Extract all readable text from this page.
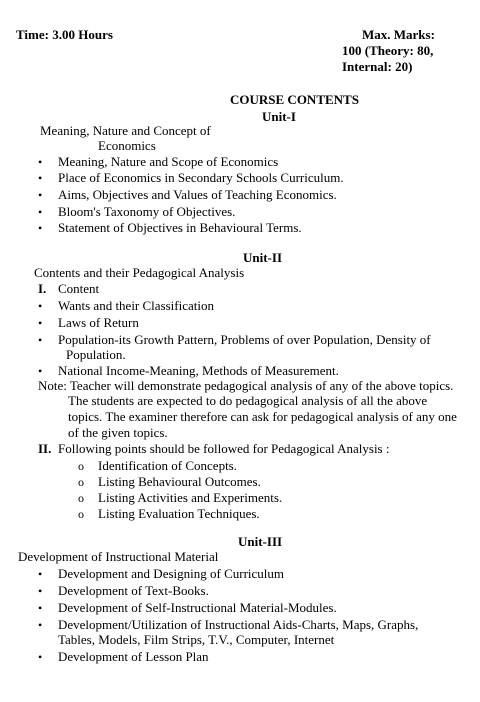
Time: 3.00 Hours	Max. Marks:
100 (Theory: 80,
Internal: 20)
COURSE CONTENTS
Unit-I
Meaning, Nature and Concept of
Economics
• Meaning, Nature and Scope of Economics
• Place of Economics in Secondary Schools Curriculum.
• Aims, Objectives and Values of Teaching Economics.
• Bloom's Taxonomy of Objectives.
• Statement of Objectives in Behavioural Terms.
Unit-II
Contents and their Pedagogical Analysis
I. Content
• Wants and their Classification
• Laws of Return
• Population-its Growth Pattern, Problems of over Population, Density of
Population.
• National Income-Meaning, Methods of Measurement.
Note: Teacher will demonstrate pedagogical analysis of any of the above topics.
The students are expected to do pedagogical analysis of all the above
topics. The examiner therefore can ask for pedagogical analysis of any one
of the given topics.
II. Following points should be followed for Pedagogical Analysis :
o Identification of Concepts.
o Listing Behavioural Outcomes.
o Listing Activities and Experiments.
o Listing Evaluation Techniques.
Unit-III
Development of Instructional Material
• Development and Designing of Curriculum
• Development of Text-Books.
• Development of Self-Instructional Material-Modules.
• Development/Utilization of Instructional Aids-Charts, Maps, Graphs,
Tables, Models, Film Strips, T.V., Computer, Internet
• Development of Lesson Plan
